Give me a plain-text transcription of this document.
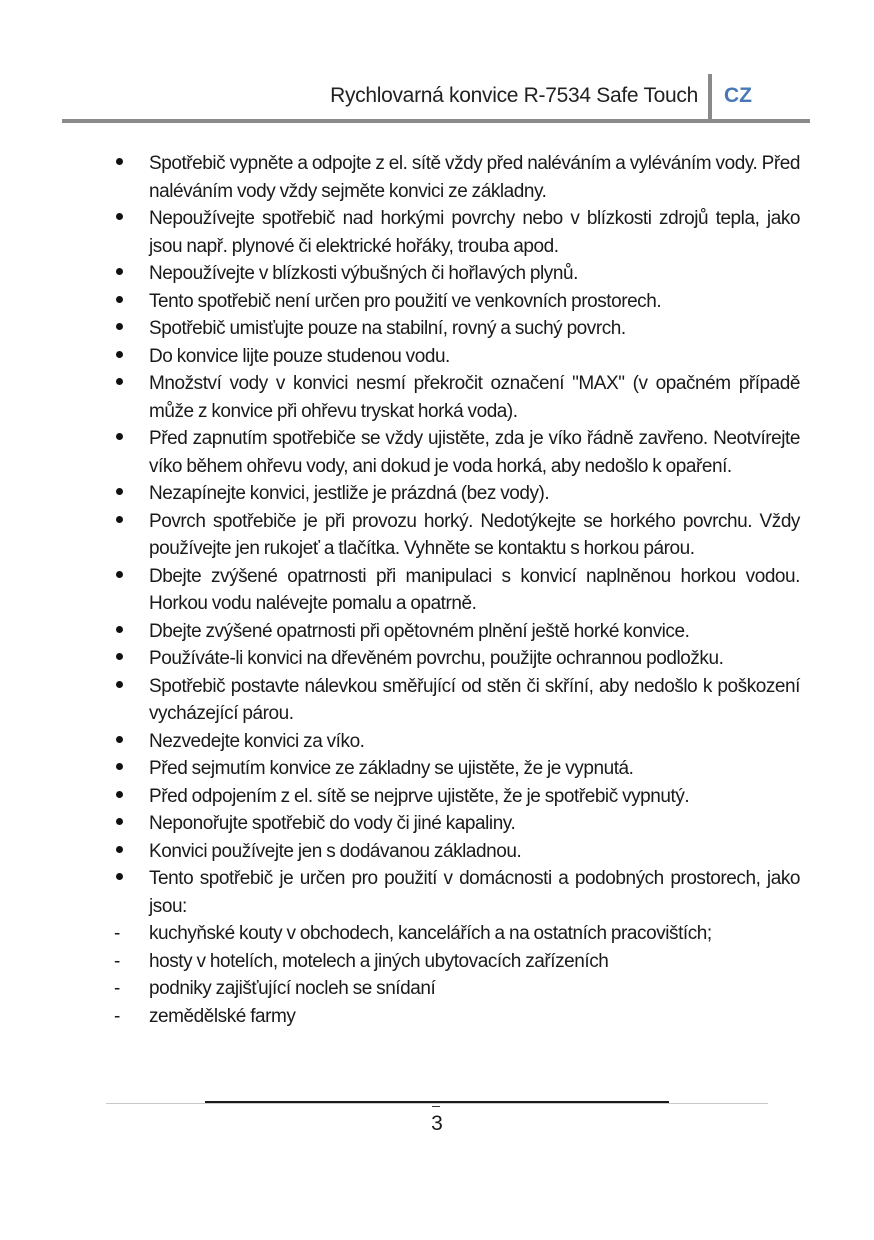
Rychlovarná konvice R-7534 Safe Touch CZ
Spotřebič vypněte a odpojte z el. sítě vždy před naléváním a vyléváním vody. Před naléváním vody vždy sejměte konvici ze základny.
Nepoužívejte spotřebič nad horkými povrchy nebo v blízkosti zdrojů tepla, jako jsou např. plynové či elektrické hořáky, trouba apod.
Nepoužívejte v blízkosti výbušných či hořlavých plynů.
Tento spotřebič není určen pro použití ve venkovních prostorech.
Spotřebič umisťujte pouze na stabilní, rovný a suchý povrch.
Do konvice lijte pouze studenou vodu.
Množství vody v konvici nesmí překročit označení "MAX" (v opačném případě může z konvice při ohřevu tryskat horká voda).
Před zapnutím spotřebiče se vždy ujistěte, zda je víko řádně zavřeno. Neotvírejte víko během ohřevu vody, ani dokud je voda horká, aby nedošlo k opaření.
Nezapínejte konvici, jestliže je prázdná (bez vody).
Povrch spotřebiče je při provozu horký. Nedotýkejte se horkého povrchu. Vždy používejte jen rukojeť a tlačítka. Vyhněte se kontaktu s horkou párou.
Dbejte zvýšené opatrnosti při manipulaci s konvicí naplněnou horkou vodou. Horkou vodu nalévejte pomalu a opatrně.
Dbejte zvýšené opatrnosti při opětovném plnění ještě horké konvice.
Používáte-li konvici na dřevěném povrchu, použijte ochrannou podložku.
Spotřebič postavte nálevkou směřující od stěn či skříní, aby nedošlo k poškození vycházející párou.
Nezvedejte konvici za víko.
Před sejmutím konvice ze základny se ujistěte, že je vypnutá.
Před odpojením z el. sítě se nejprve ujistěte, že je spotřebič vypnutý.
Neponořujte spotřebič do vody či jiné kapaliny.
Konvici používejte jen s dodávanou základnou.
Tento spotřebič je určen pro použití v domácnosti a podobných prostorech, jako jsou:
- kuchyňské kouty v obchodech, kancelářích a na ostatních pracovištích;
- hosty v hotelích, motelech a jiných ubytovacích zařízeních
- podniky zajišťující nocleh se snídaní
- zemědělské farmy
3
